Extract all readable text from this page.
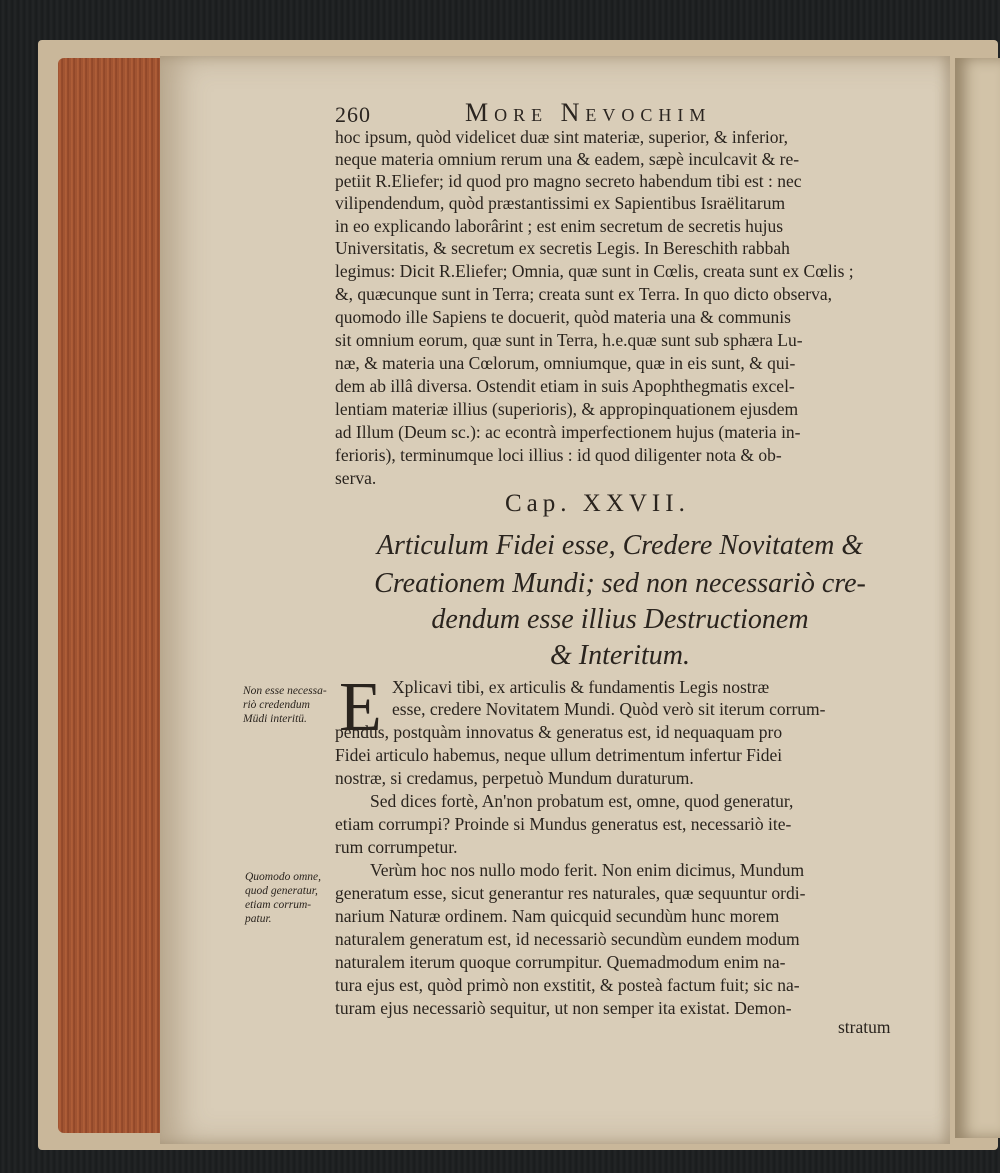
260	More Nevochim
hoc ipsum, quòd videlicet duæ sint materiæ, superior, & inferior,
neque materia omnium rerum una & eadem, sæpè inculcavit & re-
petiit R.Eliefer; id quod pro magno secreto habendum tibi est : nec
vilipendendum, quòd præstantissimi ex Sapientibus Israëlitarum
in eo explicando laborârint ; est enim secretum de secretis hujus
Universitatis, & secretum ex secretis Legis. In Bereschith rabbah
legimus: Dicit R.Eliefer; Omnia, quæ sunt in Cœlis, creata sunt ex Cœlis ;
&, quæcunque sunt in Terra; creata sunt ex Terra. In quo dicto observa,
quomodo ille Sapiens te docuerit, quòd materia una & communis
sit omnium eorum, quæ sunt in Terra, h.e.quæ sunt sub sphæra Lu-
næ, & materia una Cœlorum, omniumque, quæ in eis sunt, & qui-
dem ab illâ diversa. Ostendit etiam in suis Apophthegmatis excel-
lentiam materiæ illius (superioris), & appropinquationem ejusdem
ad Illum (Deum sc.): ac econtrà imperfectionem hujus (materia in-
ferioris), terminumque loci illius : id quod diligenter nota & ob-
serva.
Cap. XXVII.
Articulum Fidei esse, Credere Novitatem &
Creationem Mundi; sed non necessariò cre-
dendum esse illius Destructionem
& Interitum.
E Xplicavi tibi, ex articulis & fundamentis Legis nostræ
esse, credere Novitatem Mundi. Quòd verò sit iterum corrum-
pendus, postquàm innovatus & generatus est, id nequaquam pro
Fidei articulo habemus, neque ullum detrimentum infertur Fidei
nostræ, si credamus, perpetuò Mundum duraturum.
Sed dices fortè, An'non probatum est, omne, quod generatur,
etiam corrumpi? Proinde si Mundus generatus est, necessariò ite-
rum corrumpetur.
Verùm hoc nos nullo modo ferit. Non enim dicimus, Mundum
generatum esse, sicut generantur res naturales, quæ sequuntur ordi-
narium Naturæ ordinem. Nam quicquid secundùm hunc morem
naturalem generatum est, id necessariò secundùm eundem modum
naturalem iterum quoque corrumpitur. Quemadmodum enim na-
tura ejus est, quòd primò non exstitit, & posteà factum fuit; sic na-
turam ejus necessariò sequitur, ut non semper ita existat. Demon-
stratum
Non esse necessa-
riò credendum
Müdi interitü.
Quomodo omne,
quod generatur,
etiam corrum-
patur.
